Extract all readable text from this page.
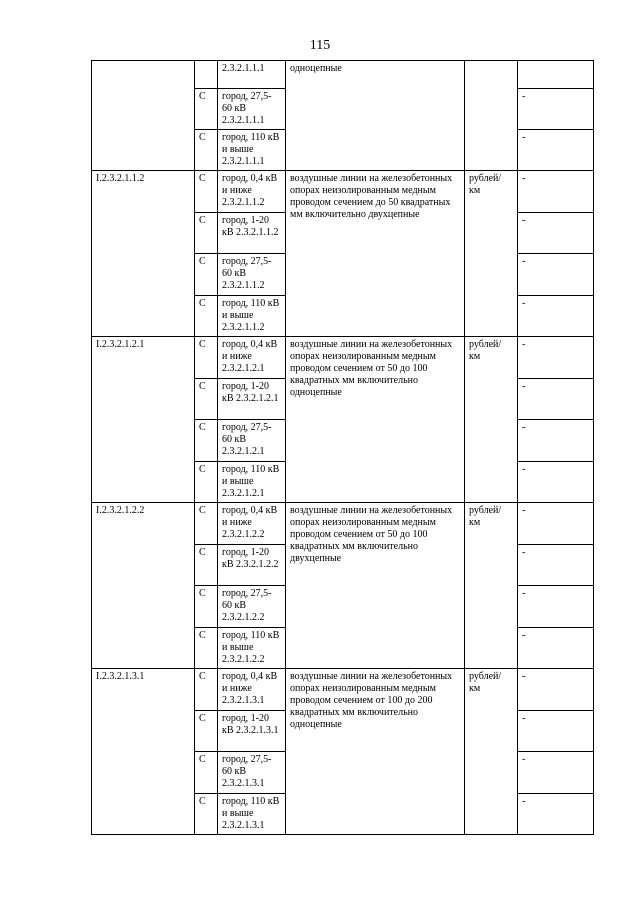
115
		2.3.2.1.1.1	одноцепные		
	С	город, 27,5-60 кВ 2.3.2.1.1.1			-
	С	город, 110 кВ и выше 2.3.2.1.1.1			-
I.2.3.2.1.1.2	С	город, 0,4 кВ и ниже 2.3.2.1.1.2	воздушные линии на железобетонных опорах неизолированным медным проводом сечением до 50 квадратных мм включительно двухцепные	рублей/ км	-
	С	город, 1-20 кВ 2.3.2.1.1.2			-
	С	город, 27,5-60 кВ 2.3.2.1.1.2			-
	С	город, 110 кВ и выше 2.3.2.1.1.2			-
I.2.3.2.1.2.1	С	город, 0,4 кВ и ниже 2.3.2.1.2.1	воздушные линии на железобетонных опорах неизолированным медным проводом сечением от 50 до 100 квадратных мм включительно одноцепные	рублей/ км	-
	С	город, 1-20 кВ 2.3.2.1.2.1			-
	С	город, 27,5-60 кВ 2.3.2.1.2.1			-
	С	город, 110 кВ и выше 2.3.2.1.2.1			-
I.2.3.2.1.2.2	С	город, 0,4 кВ и ниже 2.3.2.1.2.2	воздушные линии на железобетонных опорах неизолированным медным проводом сечением от 50 до 100 квадратных мм включительно двухцепные	рублей/ км	-
	С	город, 1-20 кВ 2.3.2.1.2.2			-
	С	город, 27,5-60 кВ 2.3.2.1.2.2			-
	С	город, 110 кВ и выше 2.3.2.1.2.2			-
I.2.3.2.1.3.1	С	город, 0,4 кВ и ниже 2.3.2.1.3.1	воздушные линии на железобетонных опорах неизолированным медным проводом сечением от 100 до 200 квадратных мм включительно одноцепные	рублей/ км	-
	С	город, 1-20 кВ 2.3.2.1.3.1			-
	С	город, 27,5-60 кВ 2.3.2.1.3.1			-
	С	город, 110 кВ и выше 2.3.2.1.3.1			-
